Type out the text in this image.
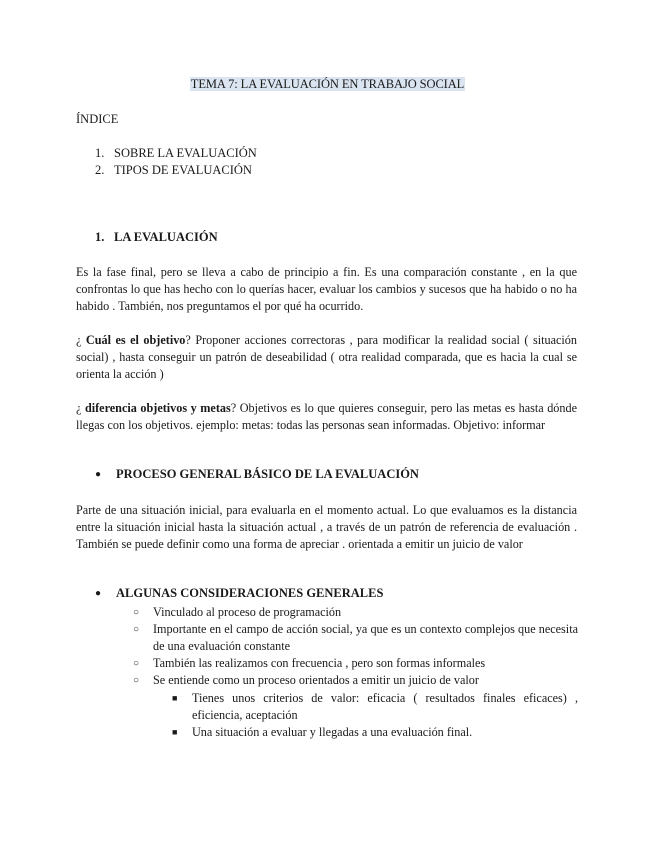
TEMA 7: LA EVALUACIÓN EN TRABAJO SOCIAL
ÍNDICE
1. SOBRE LA EVALUACIÓN
2. TIPOS DE EVALUACIÓN
1. LA EVALUACIÓN
Es la fase final, pero se lleva a cabo de principio a fin. Es una comparación constante , en la que confrontas lo que has hecho con lo querías hacer, evaluar los cambios y sucesos que ha habido o no ha habido . También, nos preguntamos el por qué ha ocurrido.
¿ Cuál es el objetivo? Proponer acciones correctoras , para modificar la realidad social ( situación social) , hasta conseguir un patrón de deseabilidad ( otra realidad comparada, que es hacia la cual se orienta la acción )
¿ diferencia objetivos y metas? Objetivos es lo que quieres conseguir, pero las metas es hasta dónde llegas con los objetivos. ejemplo: metas: todas las personas sean informadas. Objetivo: informar
● PROCESO GENERAL BÁSICO DE LA EVALUACIÓN
Parte de una situación inicial, para evaluarla en el momento actual. Lo que evaluamos es la distancia entre la situación inicial hasta la situación actual , a través de un patrón de referencia de evaluación . También se puede definir como una forma de apreciar . orientada a emitir un juicio de valor
● ALGUNAS CONSIDERACIONES GENERALES
○ Vinculado al proceso de programación
○ Importante en el campo de acción social, ya que es un contexto complejos que necesita de una evaluación constante
○ También las realizamos con frecuencia , pero son formas informales
○ Se entiende como un proceso orientados a emitir un juicio de valor
■ Tienes unos criterios de valor: eficacia ( resultados finales eficaces) , eficiencia, aceptación
■ Una situación a evaluar y llegadas a una evaluación final.
